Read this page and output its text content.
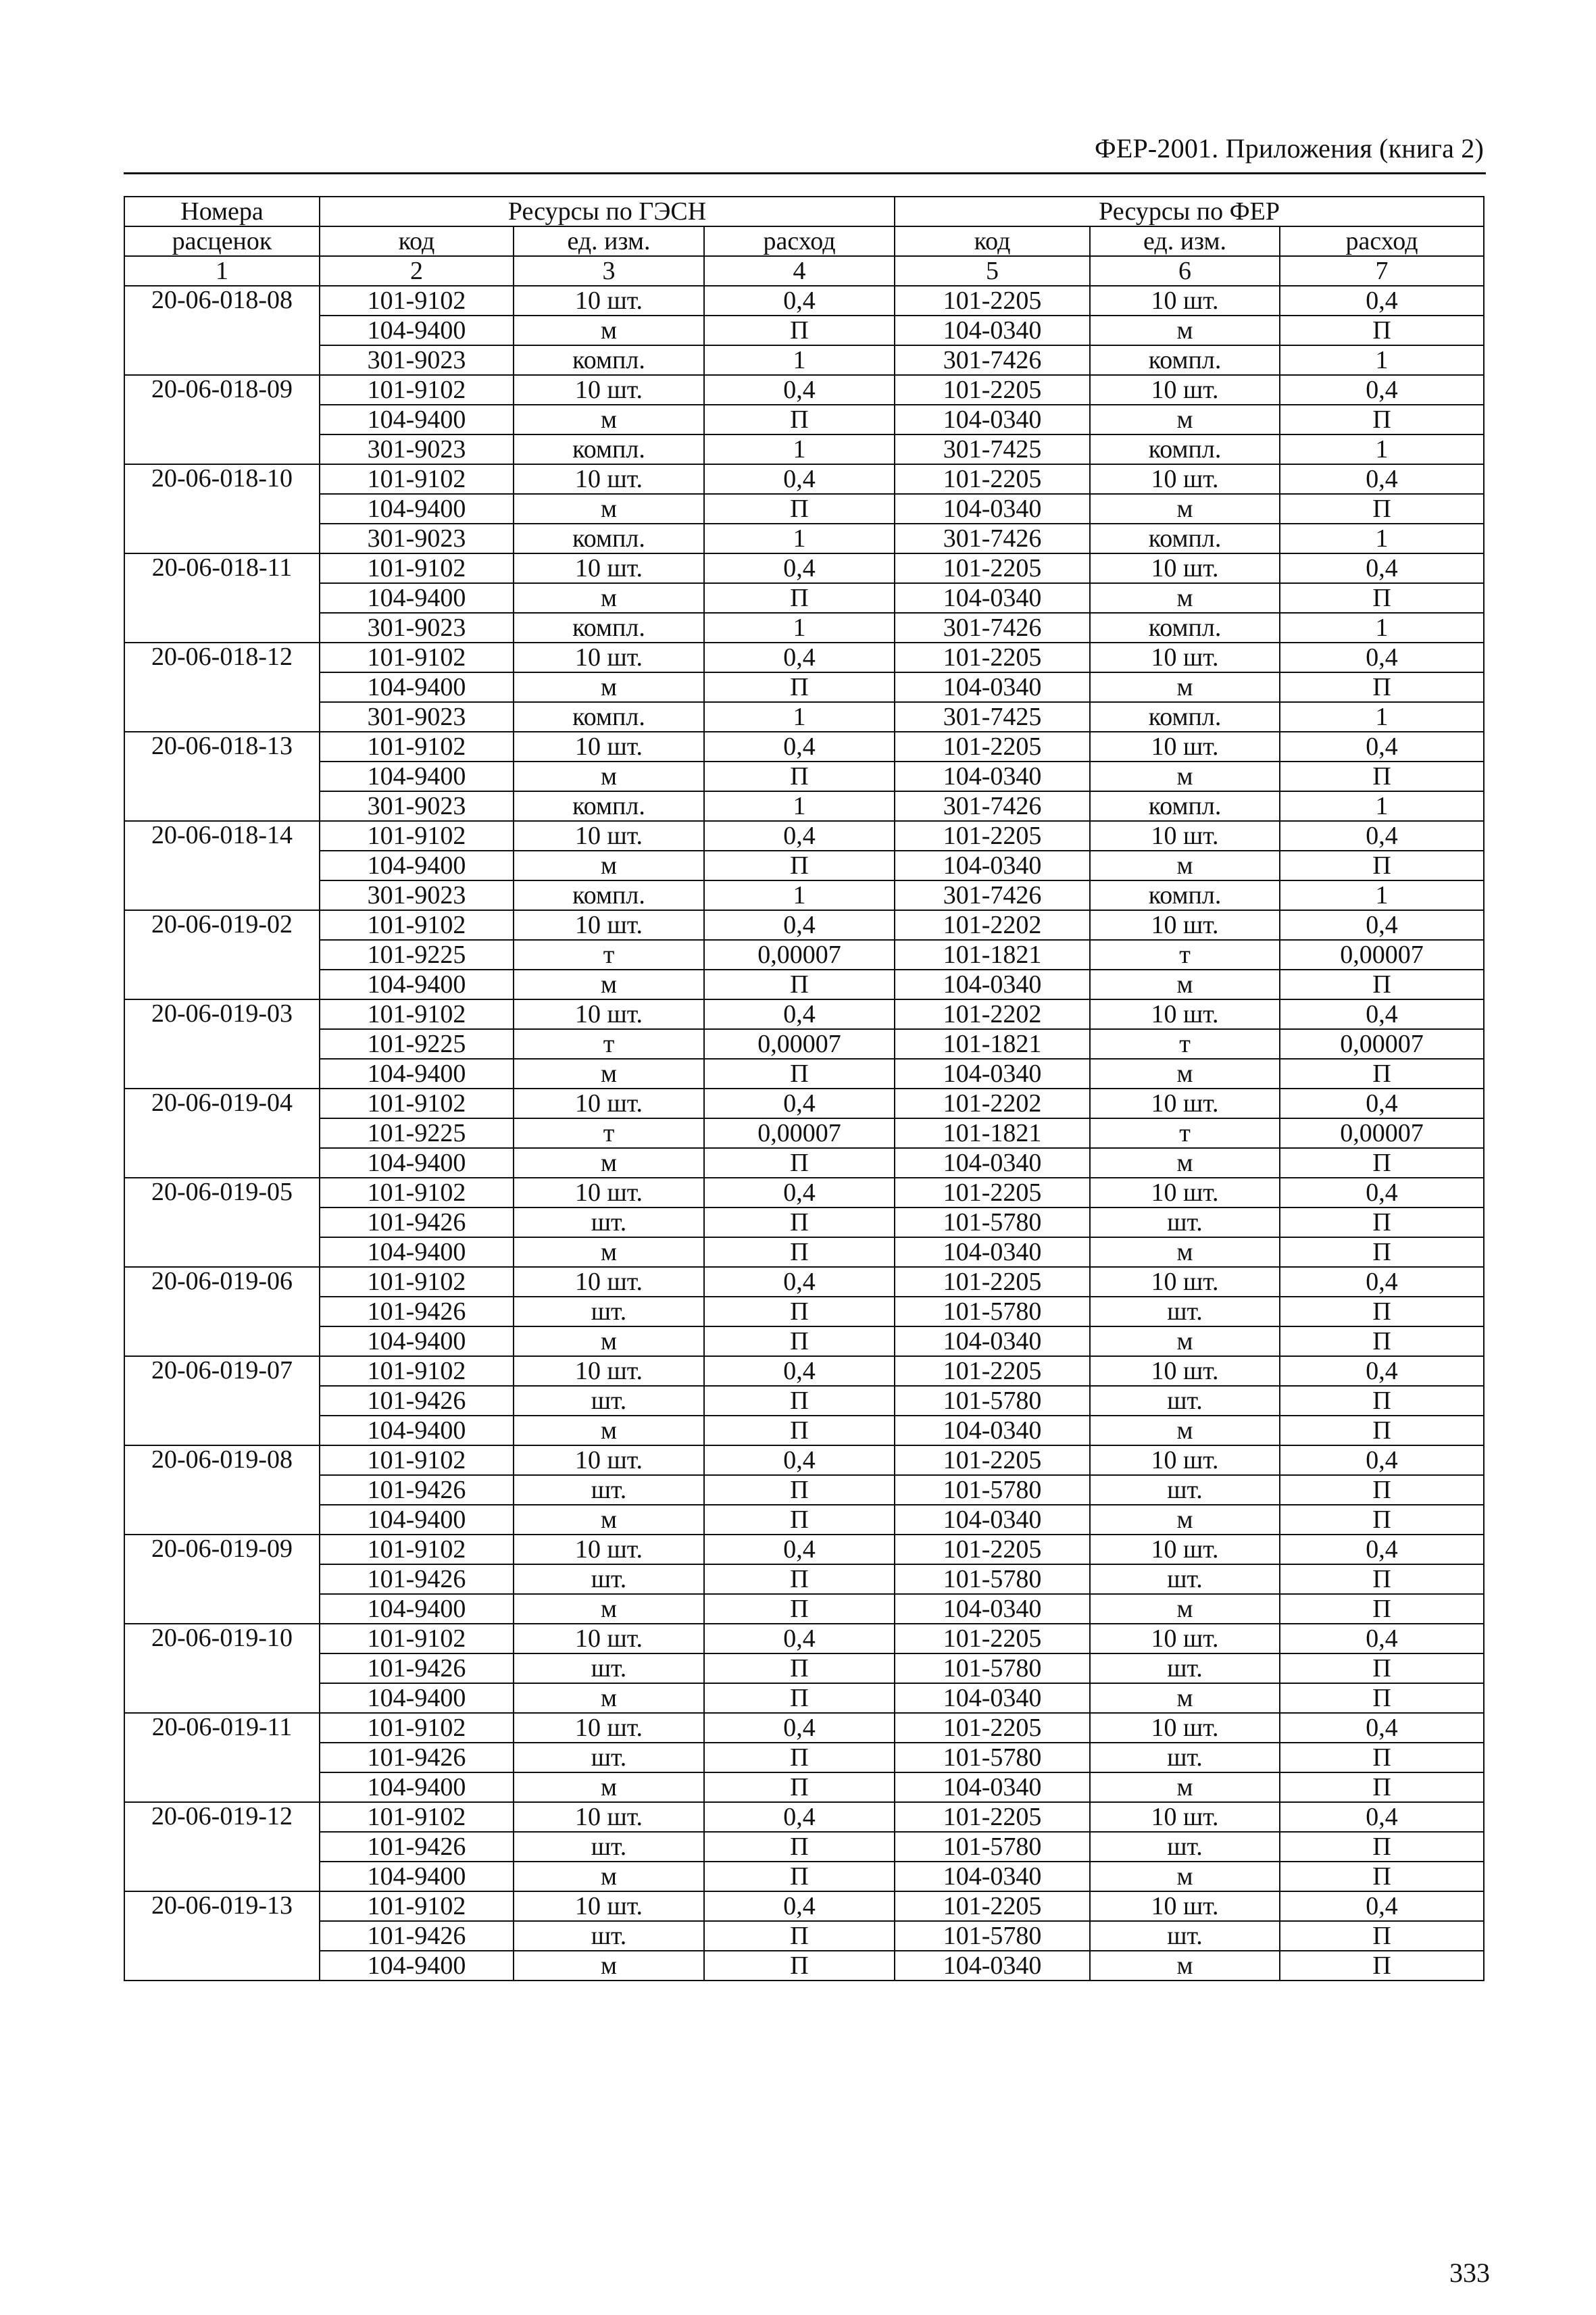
ФЕР-2001. Приложения (книга 2)
Номера	Ресурсы по ГЭСН			Ресурсы по ФЕР		
расценок	код	ед. изм.	расход	код	ед. изм.	расход
1	2	3	4	5	6	7
20-06-018-08	101-9102	10 шт.	0,4	101-2205	10 шт.	0,4
	104-9400	м	П	104-0340	м	П
	301-9023	компл.	1	301-7426	компл.	1
20-06-018-09	101-9102	10 шт.	0,4	101-2205	10 шт.	0,4
	104-9400	м	П	104-0340	м	П
	301-9023	компл.	1	301-7425	компл.	1
20-06-018-10	101-9102	10 шт.	0,4	101-2205	10 шт.	0,4
	104-9400	м	П	104-0340	м	П
	301-9023	компл.	1	301-7426	компл.	1
20-06-018-11	101-9102	10 шт.	0,4	101-2205	10 шт.	0,4
	104-9400	м	П	104-0340	м	П
	301-9023	компл.	1	301-7426	компл.	1
20-06-018-12	101-9102	10 шт.	0,4	101-2205	10 шт.	0,4
	104-9400	м	П	104-0340	м	П
	301-9023	компл.	1	301-7425	компл.	1
20-06-018-13	101-9102	10 шт.	0,4	101-2205	10 шт.	0,4
	104-9400	м	П	104-0340	м	П
	301-9023	компл.	1	301-7426	компл.	1
20-06-018-14	101-9102	10 шт.	0,4	101-2205	10 шт.	0,4
	104-9400	м	П	104-0340	м	П
	301-9023	компл.	1	301-7426	компл.	1
20-06-019-02	101-9102	10 шт.	0,4	101-2202	10 шт.	0,4
	101-9225	т	0,00007	101-1821	т	0,00007
	104-9400	м	П	104-0340	м	П
20-06-019-03	101-9102	10 шт.	0,4	101-2202	10 шт.	0,4
	101-9225	т	0,00007	101-1821	т	0,00007
	104-9400	м	П	104-0340	м	П
20-06-019-04	101-9102	10 шт.	0,4	101-2202	10 шт.	0,4
	101-9225	т	0,00007	101-1821	т	0,00007
	104-9400	м	П	104-0340	м	П
20-06-019-05	101-9102	10 шт.	0,4	101-2205	10 шт.	0,4
	101-9426	шт.	П	101-5780	шт.	П
	104-9400	м	П	104-0340	м	П
20-06-019-06	101-9102	10 шт.	0,4	101-2205	10 шт.	0,4
	101-9426	шт.	П	101-5780	шт.	П
	104-9400	м	П	104-0340	м	П
20-06-019-07	101-9102	10 шт.	0,4	101-2205	10 шт.	0,4
	101-9426	шт.	П	101-5780	шт.	П
	104-9400	м	П	104-0340	м	П
20-06-019-08	101-9102	10 шт.	0,4	101-2205	10 шт.	0,4
	101-9426	шт.	П	101-5780	шт.	П
	104-9400	м	П	104-0340	м	П
20-06-019-09	101-9102	10 шт.	0,4	101-2205	10 шт.	0,4
	101-9426	шт.	П	101-5780	шт.	П
	104-9400	м	П	104-0340	м	П
20-06-019-10	101-9102	10 шт.	0,4	101-2205	10 шт.	0,4
	101-9426	шт.	П	101-5780	шт.	П
	104-9400	м	П	104-0340	м	П
20-06-019-11	101-9102	10 шт.	0,4	101-2205	10 шт.	0,4
	101-9426	шт.	П	101-5780	шт.	П
	104-9400	м	П	104-0340	м	П
20-06-019-12	101-9102	10 шт.	0,4	101-2205	10 шт.	0,4
	101-9426	шт.	П	101-5780	шт.	П
	104-9400	м	П	104-0340	м	П
20-06-019-13	101-9102	10 шт.	0,4	101-2205	10 шт.	0,4
	101-9426	шт.	П	101-5780	шт.	П
	104-9400	м	П	104-0340	м	П
333
